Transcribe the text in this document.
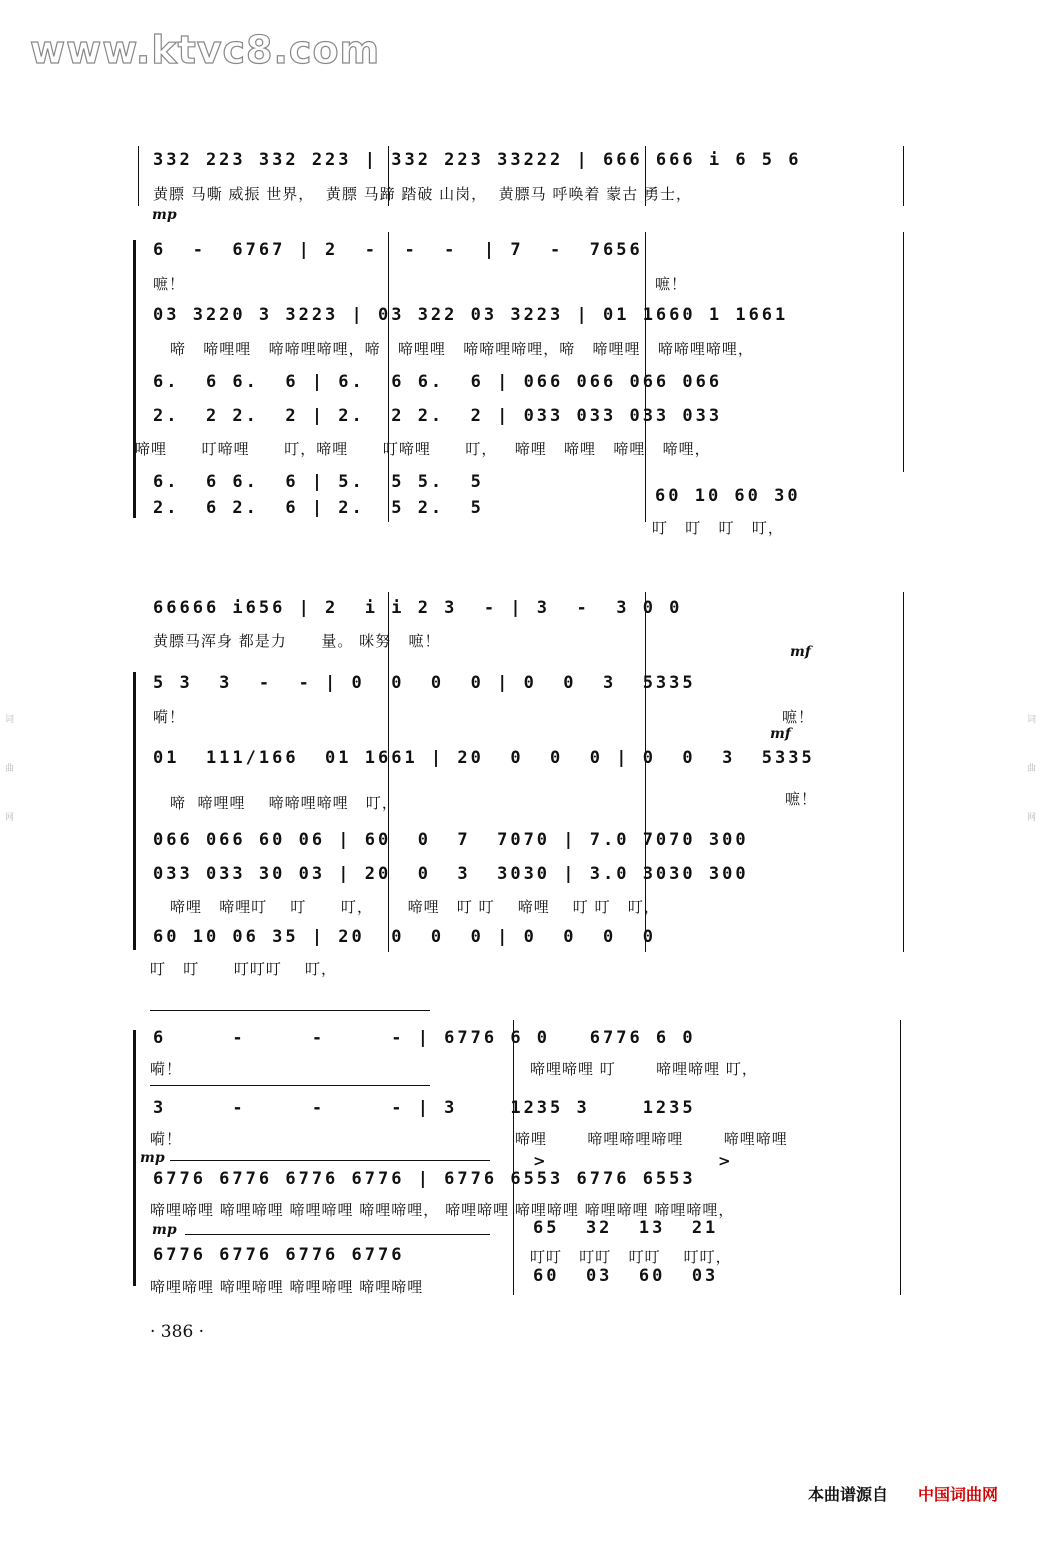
词曲网

	词曲网

www.ktvc8.com
332 223 332 223 | 332 223 33222 | 666 666 i 6 5 6
黄膘 马嘶 威振 世界，  黄膘 马蹄 踏破 山岗，  黄膘马 呼唤着 蒙古 勇士，
mp
6  -  6767 | 2  -  -  -  | 7  -  7656
嗻！	嗻！
03 3220 3 3223 | 03 322 03 3223 | 01 1660 1 1661
啼   啼哩哩   啼啼哩啼哩，啼   啼哩哩   啼啼哩啼哩，啼   啼哩哩   啼啼哩啼哩，
6.  6 6.  6 | 6.  6 6.  6 | 066 066 066 066
2.  2 2.  2 | 2.  2 2.  2 | 033 033 033 033
啼哩      叮啼哩      叮，啼哩      叮啼哩      叮，   啼哩   啼哩   啼哩   啼哩，
6.  6 6.  6 | 5.  5 5.  5
2.  6 2.  6 | 2.  5 2.  5
60 10 60 30
叮   叮   叮   叮，
66666 i656 | 2  i i 2 3  - | 3  -  3 0 0
黄膘马浑身 都是力      量。 咪努   嗻！
mf
5 3  3  -  - | 0  0  0  0 | 0  0  3  5335
嗬！	嗻！
mf
01  111/166  01 1661 | 20  0  0  0 | 0  0  3  5335
啼  啼哩哩    啼啼哩啼哩   叮，	嗻！
066 066 60 06 | 60  0  7  7070 | 7.0 7070 300
033 033 30 03 | 20  0  3  3030 | 3.0 3030 300
啼哩   啼哩叮    叮      叮，      啼哩   叮 叮    啼哩    叮 叮   叮，
60 10 06 35 | 20  0  0  0 | 0  0  0  0
叮   叮      叮叮叮    叮，
6     -     -     - | 6776 6 0   6776 6 0
嗬！	啼哩啼哩 叮       啼哩啼哩 叮，
3     -     -     - | 3    1235 3    1235
嗬！	啼哩       啼哩啼哩啼哩       啼哩啼哩
mp	>	>
6776 6776 6776 6776 | 6776 6553 6776 6553
啼哩啼哩 啼哩啼哩 啼哩啼哩 啼哩啼哩， 啼哩啼哩 啼哩啼哩 啼哩啼哩 啼哩啼哩，
mp
6776 6776 6776 6776
啼哩啼哩 啼哩啼哩 啼哩啼哩 啼哩啼哩
65  32  13  21
叮叮   叮叮   叮叮    叮叮，
60  03  60  03
· 386 ·
本曲谱源自 中国词曲网
